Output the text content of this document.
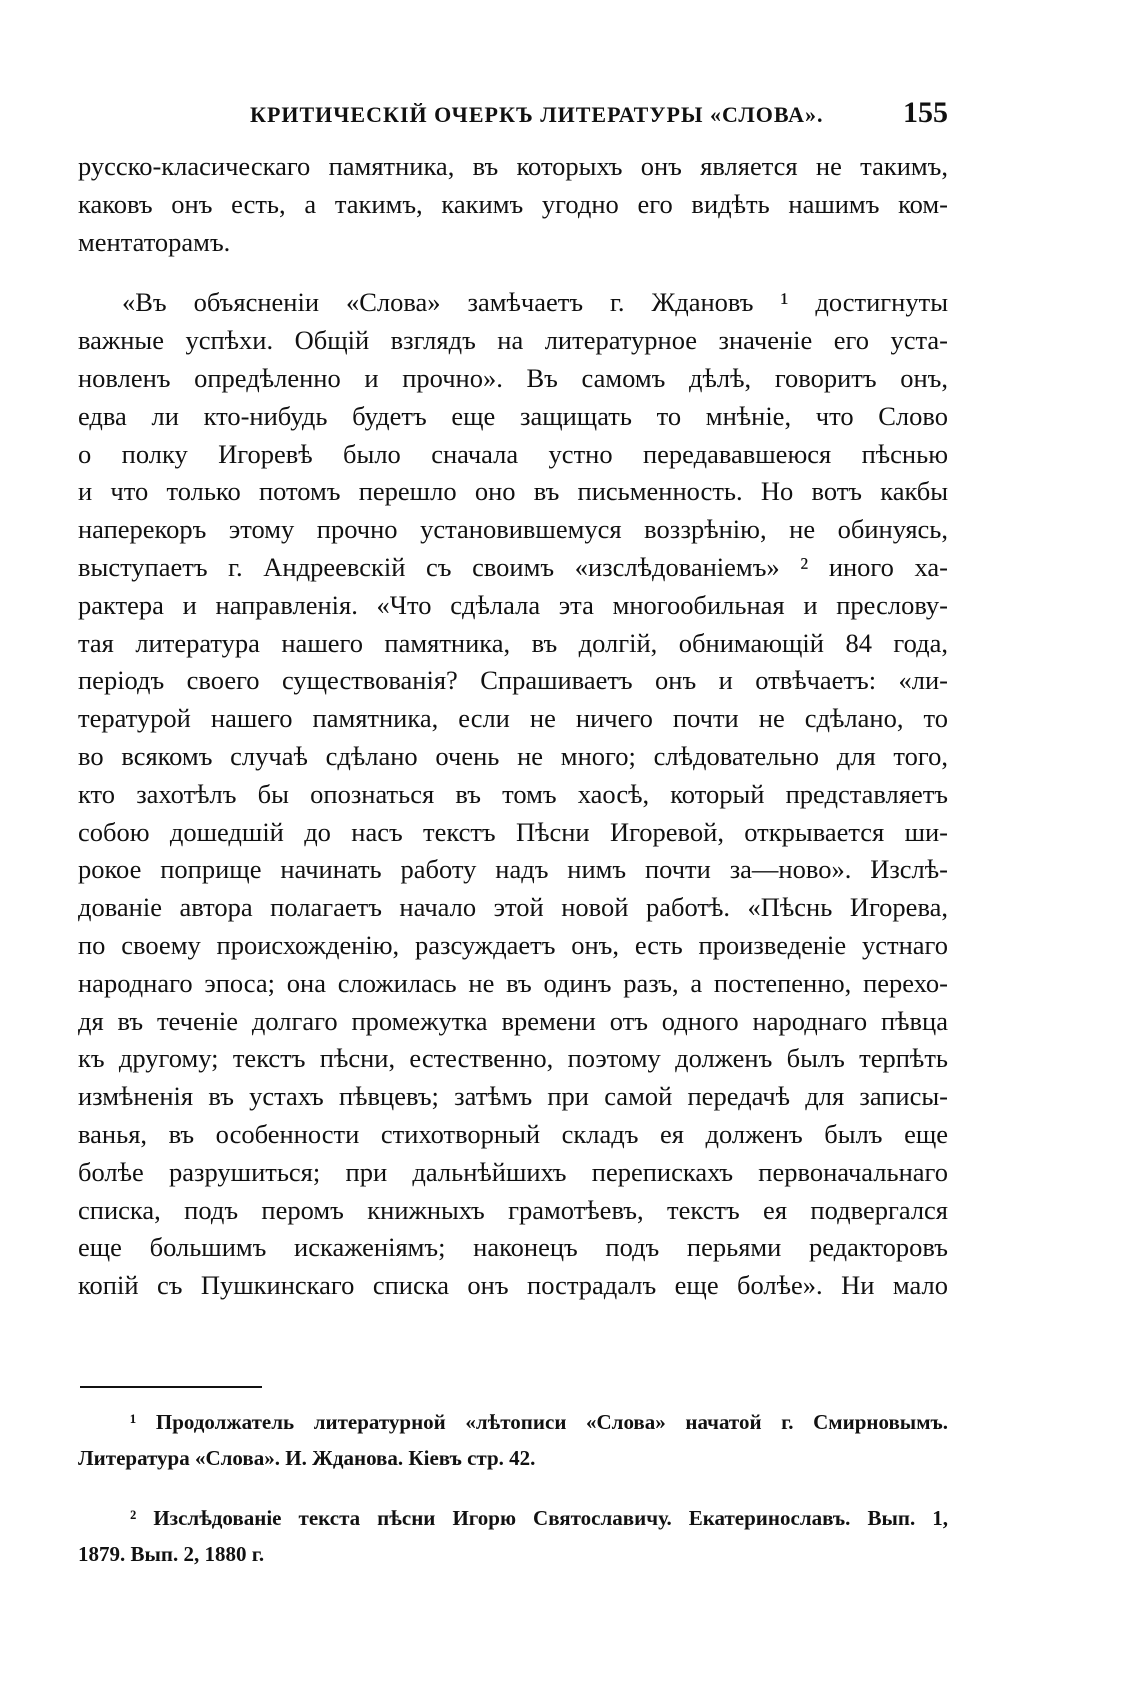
КРИТИЧЕСКІЙ ОЧЕРКЪ ЛИТЕРАТУРЫ «СЛОВА».	155
русско-класическаго памятника, въ которыхъ онъ является не такимъ,
каковъ онъ есть, а такимъ, какимъ угодно его видѣть нашимъ ком-
ментаторамъ.
«Въ объясненіи «Слова» замѣчаетъ г. Ждановъ ¹ достигнуты
важные успѣхи. Общій взглядъ на литературное значеніе его уста-
новленъ опредѣленно и прочно». Въ самомъ дѣлѣ, говоритъ онъ,
едва ли кто-нибудь будетъ еще защищать то мнѣніе, что Слово
о полку Игоревѣ было сначала устно передававшеюся пѣснью
и что только потомъ перешло оно въ письменность. Но вотъ какбы
наперекоръ этому прочно установившемуся воззрѣнію, не обинуясь,
выступаетъ г. Андреевскій съ своимъ «изслѣдованіемъ» ² иного ха-
рактера и направленія. «Что сдѣлала эта многообильная и преслову-
тая литература нашего памятника, въ долгій, обнимающій 84 года,
періодъ своего существованія? Спрашиваетъ онъ и отвѣчаетъ: «ли-
тературой нашего памятника, если не ничего почти не сдѣлано, то
во всякомъ случаѣ сдѣлано очень не много; слѣдовательно для того,
кто захотѣлъ бы опознаться въ томъ хаосѣ, который представляетъ
собою дошедшій до насъ текстъ Пѣсни Игоревой, открывается ши-
рокое поприще начинать работу надъ нимъ почти за—ново». Изслѣ-
дованіе автора полагаетъ начало этой новой работѣ. «Пѣснь Игорева,
по своему происхожденію, разсуждаетъ онъ, есть произведеніе устнаго
народнаго эпоса; она сложилась не въ одинъ разъ, а постепенно, перехо-
дя въ теченіе долгаго промежутка времени отъ одного народнаго пѣвца
къ другому; текстъ пѣсни, естественно, поэтому долженъ былъ терпѣть
измѣненія въ устахъ пѣвцевъ; затѣмъ при самой передачѣ для записы-
ванья, въ особенности стихотворный складъ ея долженъ былъ еще
болѣе разрушиться; при дальнѣйшихъ перепискахъ первоначальнаго
списка, подъ перомъ книжныхъ грамотѣевъ, текстъ ея подвергался
еще большимъ искаженіямъ; наконецъ подъ перьями редакторовъ
копій съ Пушкинскаго списка онъ пострадалъ еще болѣе». Ни мало
¹ Продолжатель литературной «лѣтописи «Слова» начатой г. Смирновымъ.
Литература «Слова». И. Жданова. Кіевъ стр. 42.
² Изслѣдованіе текста пѣсни Игорю Святославичу. Екатеринославъ. Вып. 1,
1879. Вып. 2, 1880 г.
